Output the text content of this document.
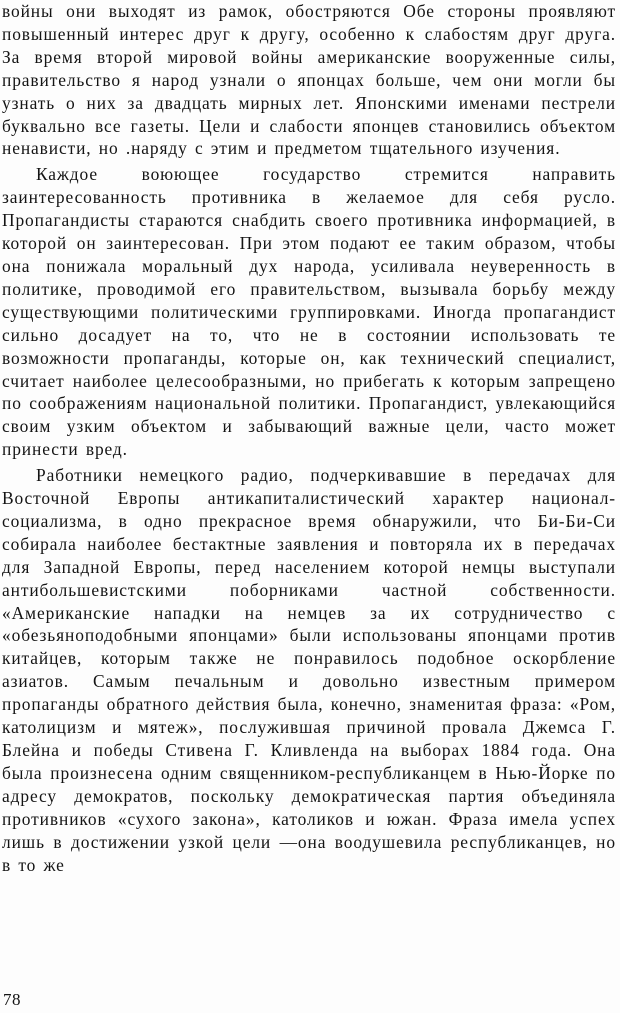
войны они выходят из рамок, обостряются Обе стороны проявляют повышенный интерес друг к другу, особенно к слабостям друг друга. За время второй мировой войны американские вооруженные силы, правительство я народ узнали о японцах больше, чем они могли бы узнать о них за двадцать мирных лет. Японскими именами пестрели буквально все газеты. Цели и слабости японцев становились объектом ненависти, но .наряду с этим и предметом тщательного изучения.

Каждое воюющее государство стремится направить заинтересованность противника в желаемое для себя русло. Пропагандисты стараются снабдить своего противника информацией, в которой он заинтересован. При этом подают ее таким образом, чтобы она понижала моральный дух народа, усиливала неуверенность в политике, проводимой его правительством, вызывала борьбу между существующими политическими группировками. Иногда пропагандист сильно досадует на то, что не в состоянии использовать те возможности пропаганды, которые он, как технический специалист, считает наиболее целесообразными, но прибегать к которым запрещено по соображениям национальной политики. Пропагандист, увлекающийся своим узким объектом и забывающий важные цели, часто может принести вред.

Работники немецкого радио, подчеркивавшие в передачах для Восточной Европы антикапиталистический характер национал-социализма, в одно прекрасное время обнаружили, что Би-Би-Си собирала наиболее бестактные заявления и повторяла их в передачах для Западной Европы, перед населением которой немцы выступали антибольшевистскими поборниками частной собственности. «Американские нападки на немцев за их сотрудничество с «обезьяноподобными японцами» были использованы японцами против китайцев, которым также не понравилось подобное оскорбление азиатов. Самым печальным и довольно известным примером пропаганды обратного действия была, конечно, знаменитая фраза: «Ром, католицизм и мятеж», послужившая причиной провала Джемса Г. Блейна и победы Стивена Г. Кливленда на выборах 1884 года. Она была произнесена одним священником-республиканцем в Нью-Йорке по адресу демократов, поскольку демократическая партия объединяла противников «сухого закона», католиков и южан. Фраза имела успех лишь в достижении узкой цели —она воодушевила республиканцев, но в то же

78
